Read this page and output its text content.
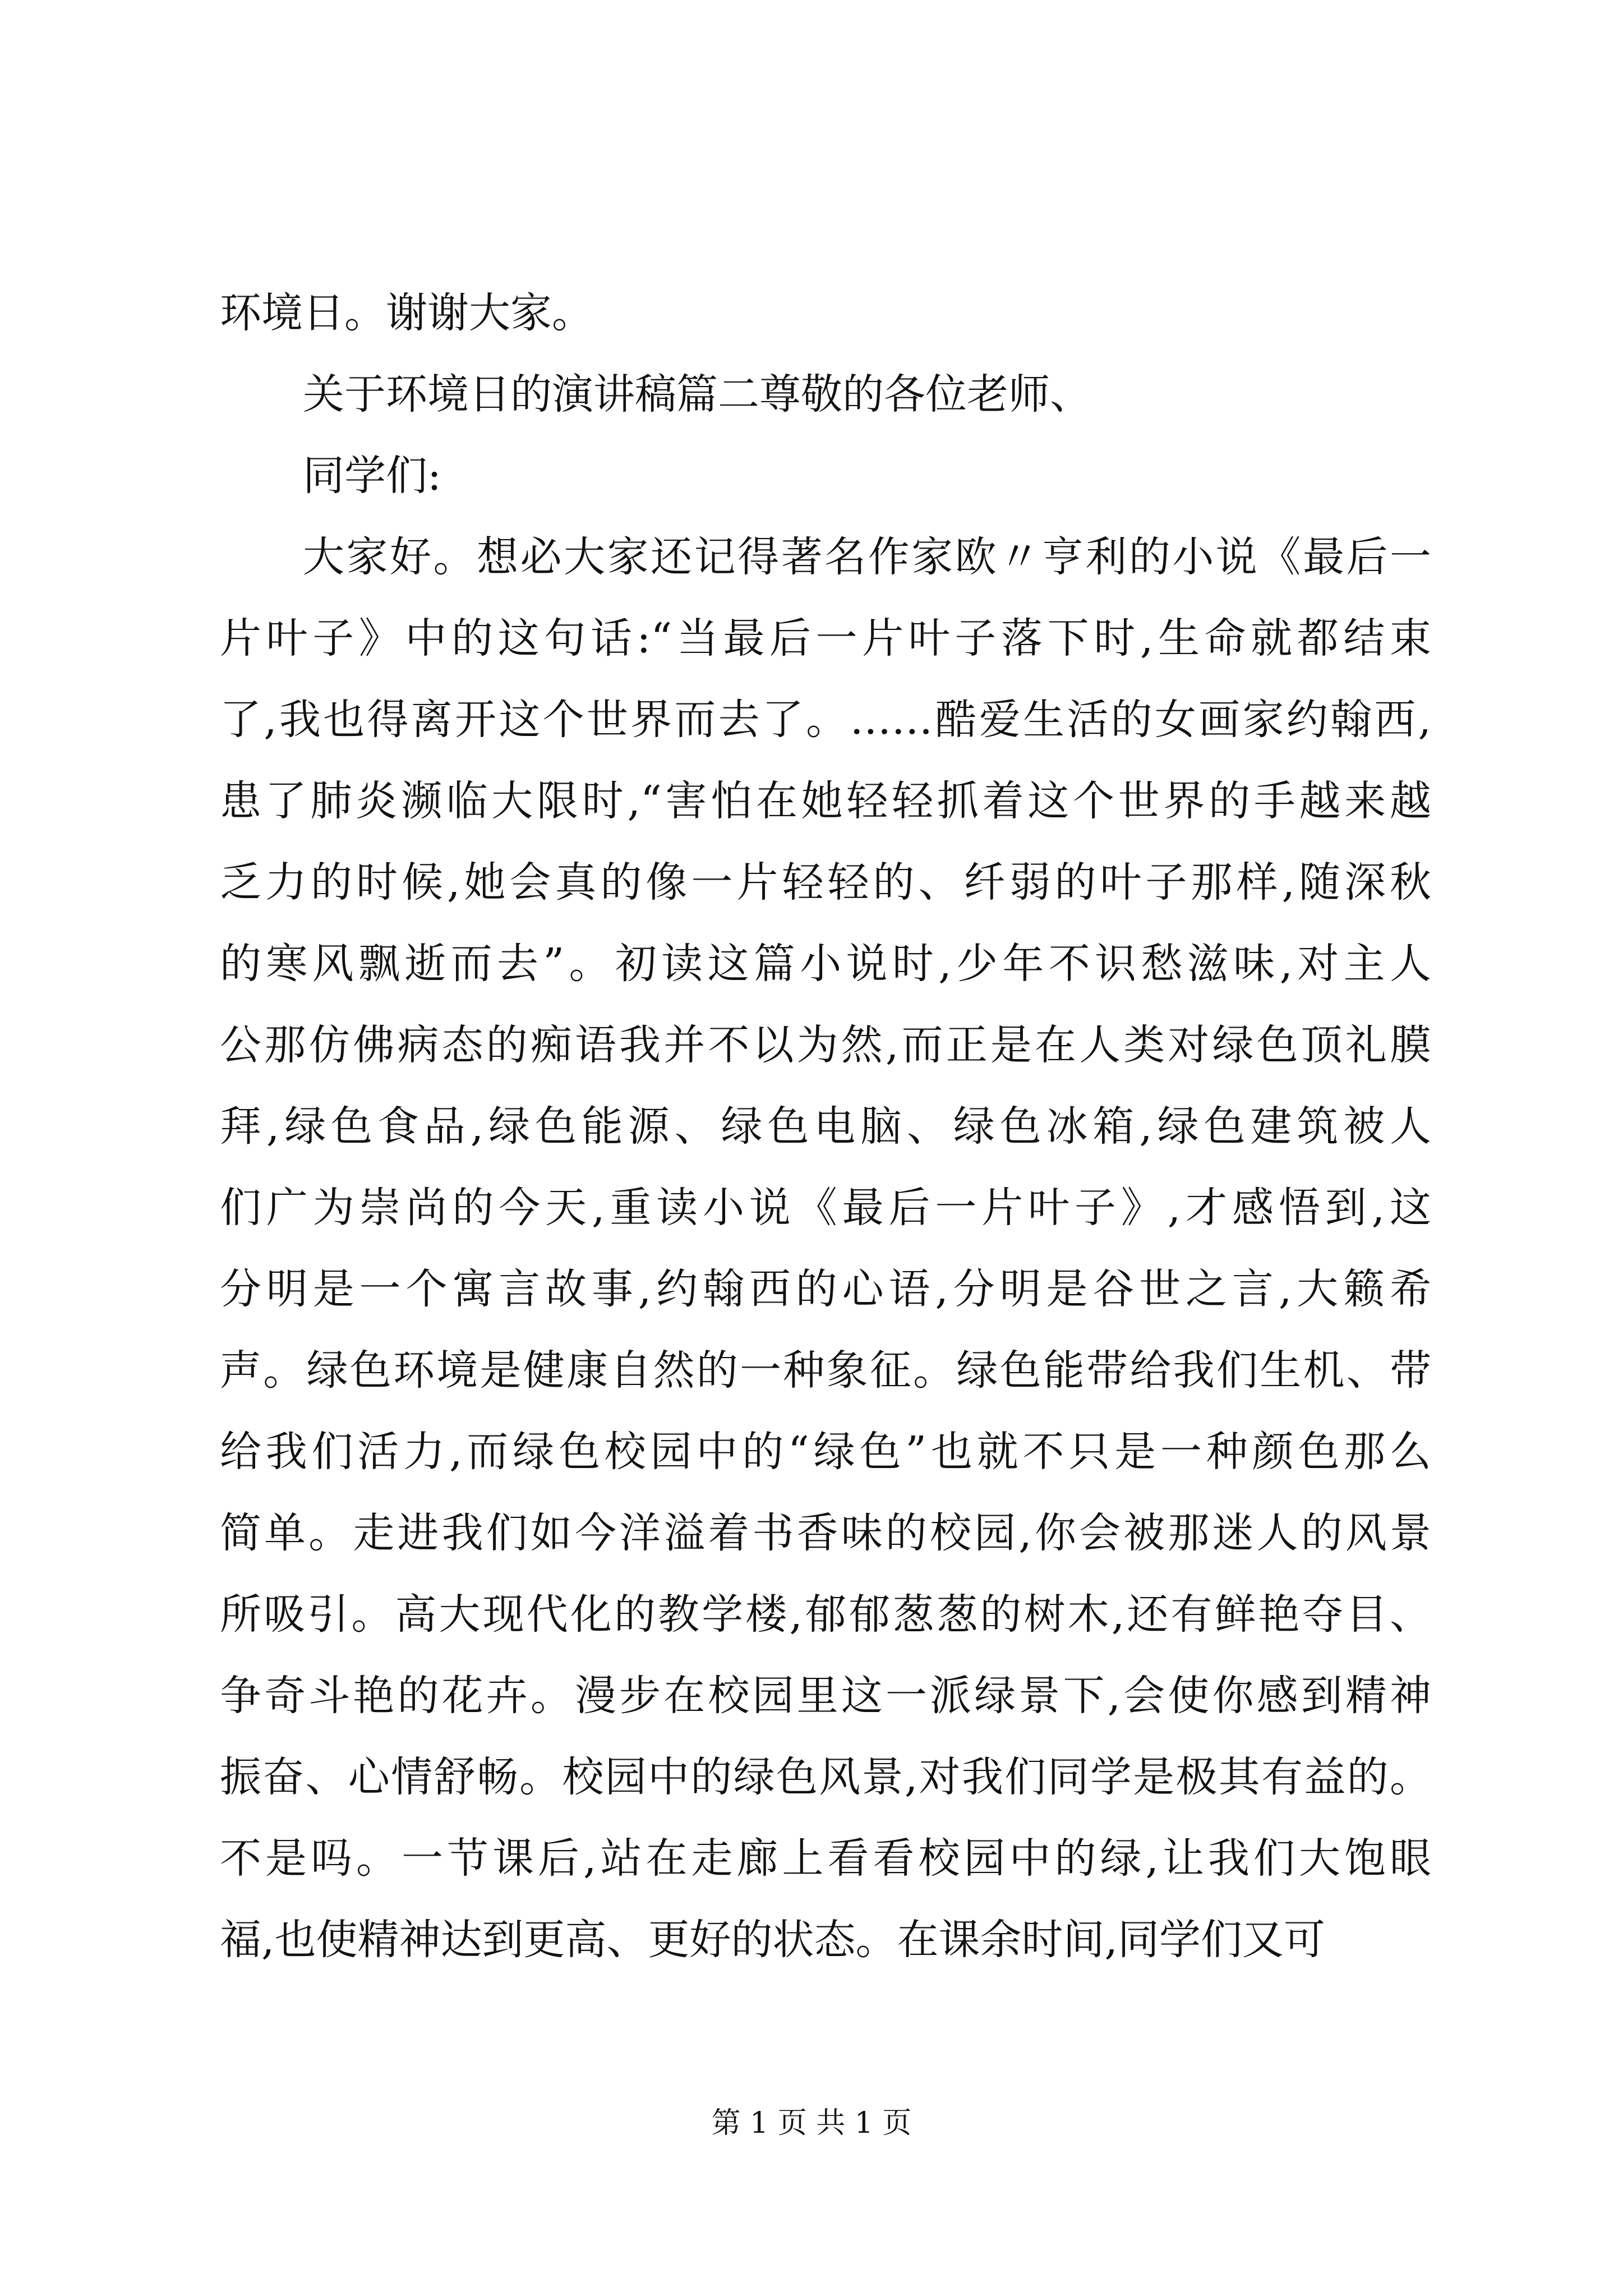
环境日。谢谢大家。
关于环境日的演讲稿篇二尊敬的各位老师、
同学们:
大家好。想必大家还记得著名作家欧〃亨利的小说《最后一
片叶子》中的这句话:“当最后一片叶子落下时,生命就都结束
了,我也得离开这个世界而去了。……酷爱生活的女画家约翰西,
患了肺炎濒临大限时,“害怕在她轻轻抓着这个世界的手越来越
乏力的时候,她会真的像一片轻轻的、纤弱的叶子那样,随深秋
的寒风飘逝而去”。初读这篇小说时,少年不识愁滋味,对主人
公那仿佛病态的痴语我并不以为然,而正是在人类对绿色顶礼膜
拜,绿色食品,绿色能源、绿色电脑、绿色冰箱,绿色建筑被人
们广为崇尚的今天,重读小说《最后一片叶子》,才感悟到,这
分明是一个寓言故事,约翰西的心语,分明是谷世之言,大籁希
声。绿色环境是健康自然的一种象征。绿色能带给我们生机、带
给我们活力,而绿色校园中的“绿色”也就不只是一种颜色那么
简单。走进我们如今洋溢着书香味的校园,你会被那迷人的风景
所吸引。高大现代化的教学楼,郁郁葱葱的树木,还有鲜艳夺目、
争奇斗艳的花卉。漫步在校园里这一派绿景下,会使你感到精神
振奋、心情舒畅。校园中的绿色风景,对我们同学是极其有益的。
不是吗。一节课后,站在走廊上看看校园中的绿,让我们大饱眼
福,也使精神达到更高、更好的状态。在课余时间,同学们又可
第 1 页 共 1 页
